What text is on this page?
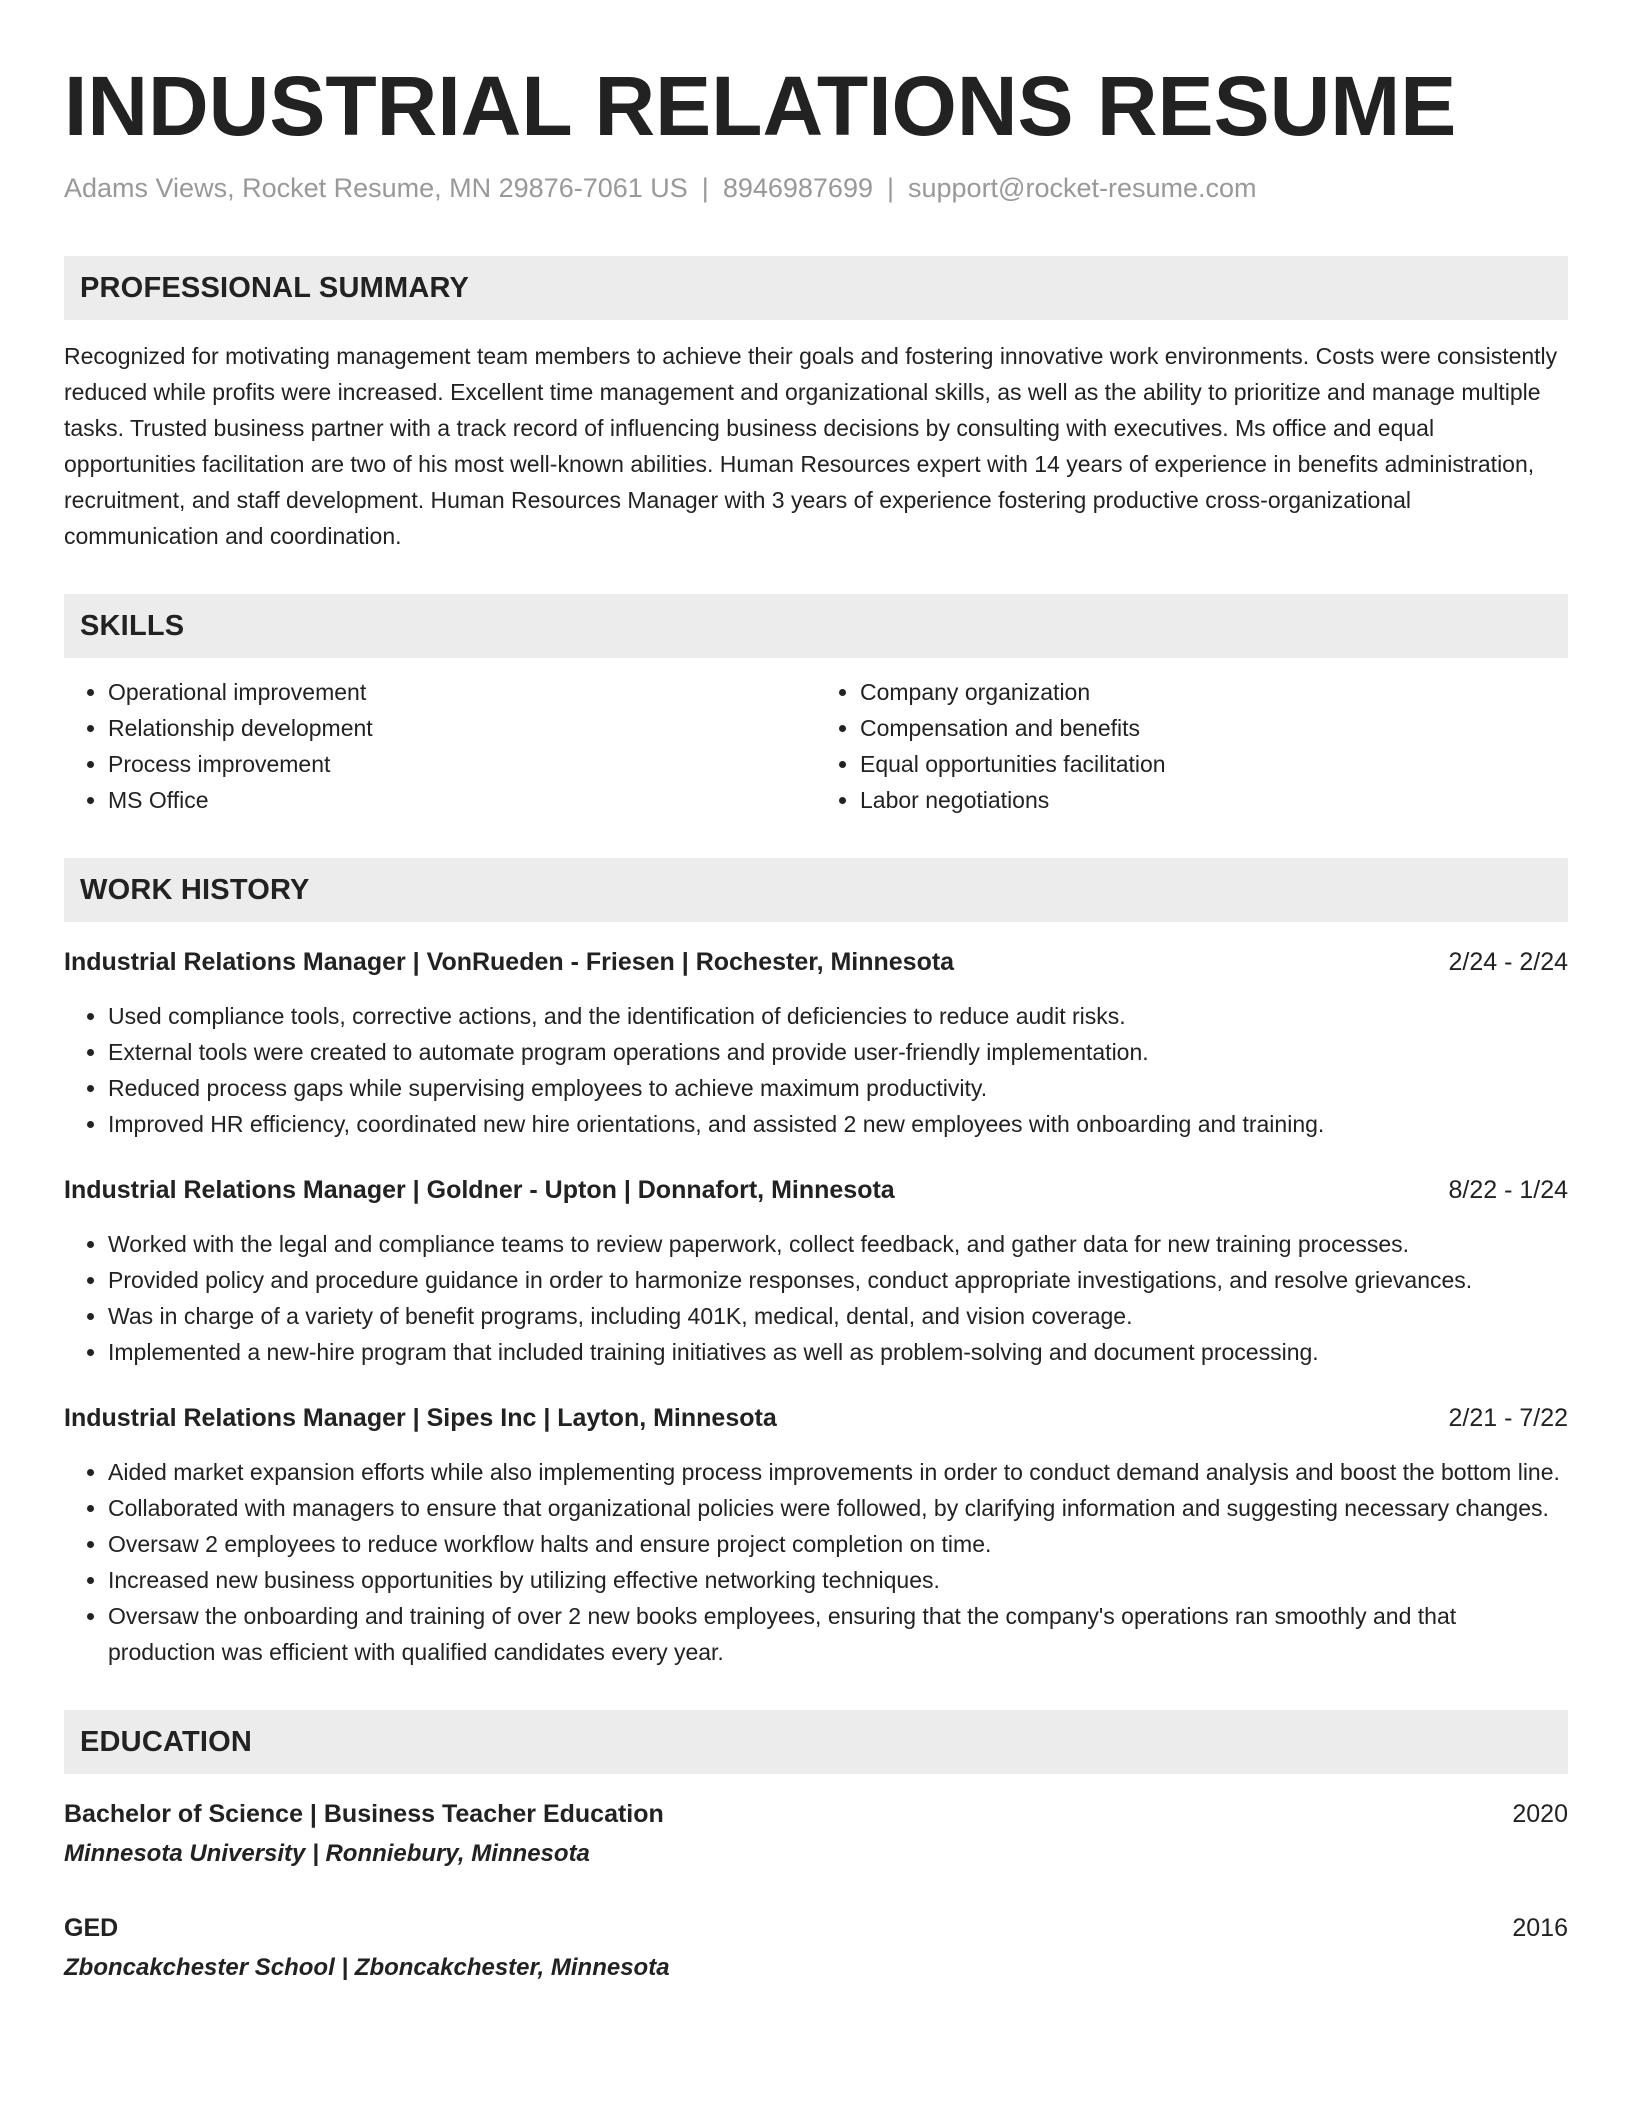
INDUSTRIAL RELATIONS RESUME
Adams Views, Rocket Resume, MN 29876-7061 US | 8946987699 | support@rocket-resume.com
PROFESSIONAL SUMMARY
Recognized for motivating management team members to achieve their goals and fostering innovative work environments. Costs were consistently reduced while profits were increased. Excellent time management and organizational skills, as well as the ability to prioritize and manage multiple tasks. Trusted business partner with a track record of influencing business decisions by consulting with executives. Ms office and equal opportunities facilitation are two of his most well-known abilities. Human Resources expert with 14 years of experience in benefits administration, recruitment, and staff development. Human Resources Manager with 3 years of experience fostering productive cross-organizational communication and coordination.
SKILLS
• Operational improvement
• Relationship development
• Process improvement
• MS Office
• Company organization
• Compensation and benefits
• Equal opportunities facilitation
• Labor negotiations
WORK HISTORY
Industrial Relations Manager | VonRueden - Friesen | Rochester, Minnesota	2/24 - 2/24
• Used compliance tools, corrective actions, and the identification of deficiencies to reduce audit risks.
• External tools were created to automate program operations and provide user-friendly implementation.
• Reduced process gaps while supervising employees to achieve maximum productivity.
• Improved HR efficiency, coordinated new hire orientations, and assisted 2 new employees with onboarding and training.
Industrial Relations Manager | Goldner - Upton | Donnafort, Minnesota	8/22 - 1/24
• Worked with the legal and compliance teams to review paperwork, collect feedback, and gather data for new training processes.
• Provided policy and procedure guidance in order to harmonize responses, conduct appropriate investigations, and resolve grievances.
• Was in charge of a variety of benefit programs, including 401K, medical, dental, and vision coverage.
• Implemented a new-hire program that included training initiatives as well as problem-solving and document processing.
Industrial Relations Manager | Sipes Inc | Layton, Minnesota	2/21 - 7/22
• Aided market expansion efforts while also implementing process improvements in order to conduct demand analysis and boost the bottom line.
• Collaborated with managers to ensure that organizational policies were followed, by clarifying information and suggesting necessary changes.
• Oversaw 2 employees to reduce workflow halts and ensure project completion on time.
• Increased new business opportunities by utilizing effective networking techniques.
• Oversaw the onboarding and training of over 2 new books employees, ensuring that the company's operations ran smoothly and that production was efficient with qualified candidates every year.
EDUCATION
Bachelor of Science | Business Teacher Education	2020
Minnesota University | Ronniebury, Minnesota
GED	2016
Zboncakchester School | Zboncakchester, Minnesota
